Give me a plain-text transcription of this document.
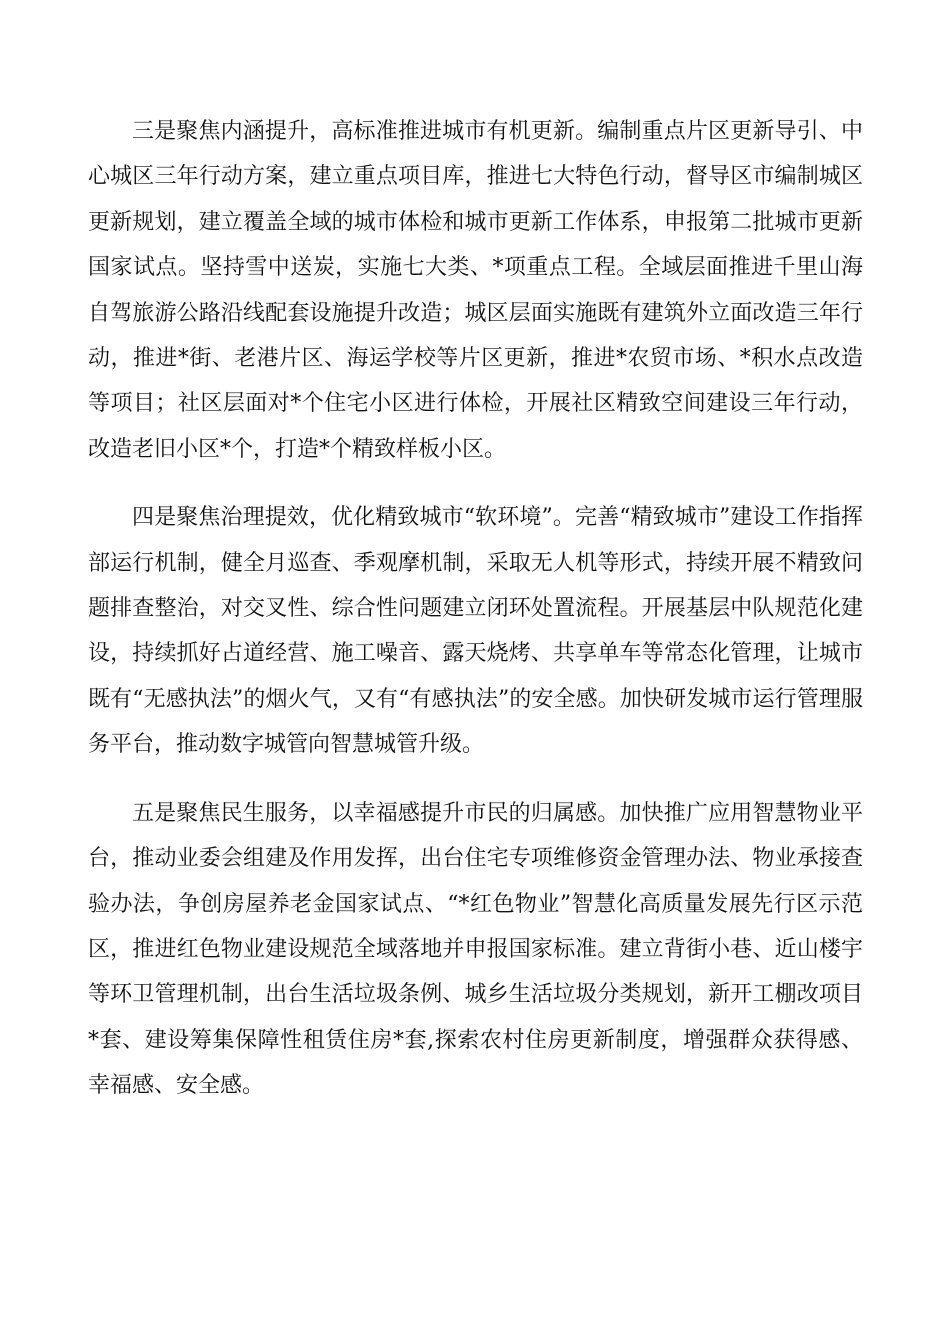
三是聚焦内涵提升，高标准推进城市有机更新。编制重点片区更新导引、中心城区三年行动方案，建立重点项目库，推进七大特色行动，督导区市编制城区更新规划，建立覆盖全域的城市体检和城市更新工作体系，申报第二批城市更新国家试点。坚持雪中送炭，实施七大类、*项重点工程。全域层面推进千里山海自驾旅游公路沿线配套设施提升改造；城区层面实施既有建筑外立面改造三年行动，推进*街、老港片区、海运学校等片区更新，推进*农贸市场、*积水点改造等项目；社区层面对*个住宅小区进行体检，开展社区精致空间建设三年行动，改造老旧小区*个，打造*个精致样板小区。

四是聚焦治理提效，优化精致城市“软环境”。完善“精致城市”建设工作指挥部运行机制，健全月巡查、季观摩机制，采取无人机等形式，持续开展不精致问题排查整治，对交叉性、综合性问题建立闭环处置流程。开展基层中队规范化建设，持续抓好占道经营、施工噪音、露天烧烤、共享单车等常态化管理，让城市既有“无感执法”的烟火气，又有“有感执法”的安全感。加快研发城市运行管理服务平台，推动数字城管向智慧城管升级。

五是聚焦民生服务，以幸福感提升市民的归属感。加快推广应用智慧物业平台，推动业委会组建及作用发挥，出台住宅专项维修资金管理办法、物业承接查验办法，争创房屋养老金国家试点、“*红色物业”智慧化高质量发展先行区示范区，推进红色物业建设规范全域落地并申报国家标准。建立背街小巷、近山楼宇等环卫管理机制，出台生活垃圾条例、城乡生活垃圾分类规划，新开工棚改项目*套、建设筹集保障性租赁住房*套,探索农村住房更新制度，增强群众获得感、幸福感、安全感。
